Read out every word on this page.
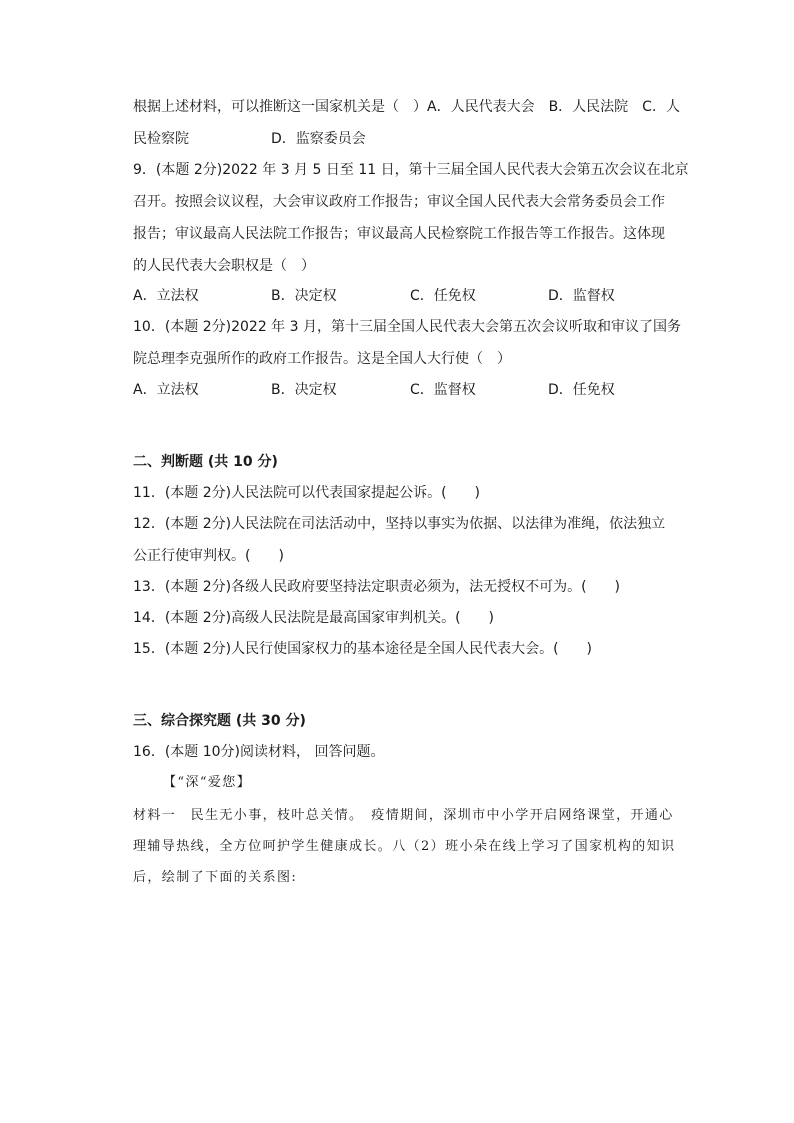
根据上述材料，可以推断这一国家机关是（　）A．人民代表大会　B．人民法院　C．人
民检察院	D．监察委员会
9．(本题 2分)2022 年 3 月 5 日至 11 日，第十三届全国人民代表大会第五次会议在北京
召开。按照会议议程，大会审议政府工作报告；审议全国人民代表大会常务委员会工作
报告；审议最高人民法院工作报告；审议最高人民检察院工作报告等工作报告。这体现
的人民代表大会职权是（　）
A．立法权	B．决定权	C．任免权	D．监督权
10．(本题 2分)2022 年 3 月，第十三届全国人民代表大会第五次会议听取和审议了国务
院总理李克强所作的政府工作报告。这是全国人大行使（　）
A．立法权	B．决定权	C．监督权	D．任免权
二、判断题 (共 10 分)
11．(本题 2分)人民法院可以代表国家提起公诉。(　　)
12．(本题 2分)人民法院在司法活动中，坚持以事实为依据、以法律为准绳，依法独立
公正行使审判权。(　　)
13．(本题 2分)各级人民政府要坚持法定职责必须为，法无授权不可为。(　　)
14．(本题 2分)高级人民法院是最高国家审判机关。(　　)
15．(本题 2分)人民行使国家权力的基本途径是全国人民代表大会。(　　)
三、综合探究题 (共 30 分)
16．(本题 10分)阅读材料， 回答问题。
【“深“爱您】
材料一　民生无小事，枝叶总关情。　疫情期间，深圳市中小学开启网络课堂，开通心
理辅导热线，全方位呵护学生健康成长。八（2）班小朵在线上学习了国家机构的知识
后，绘制了下面的关系图:
